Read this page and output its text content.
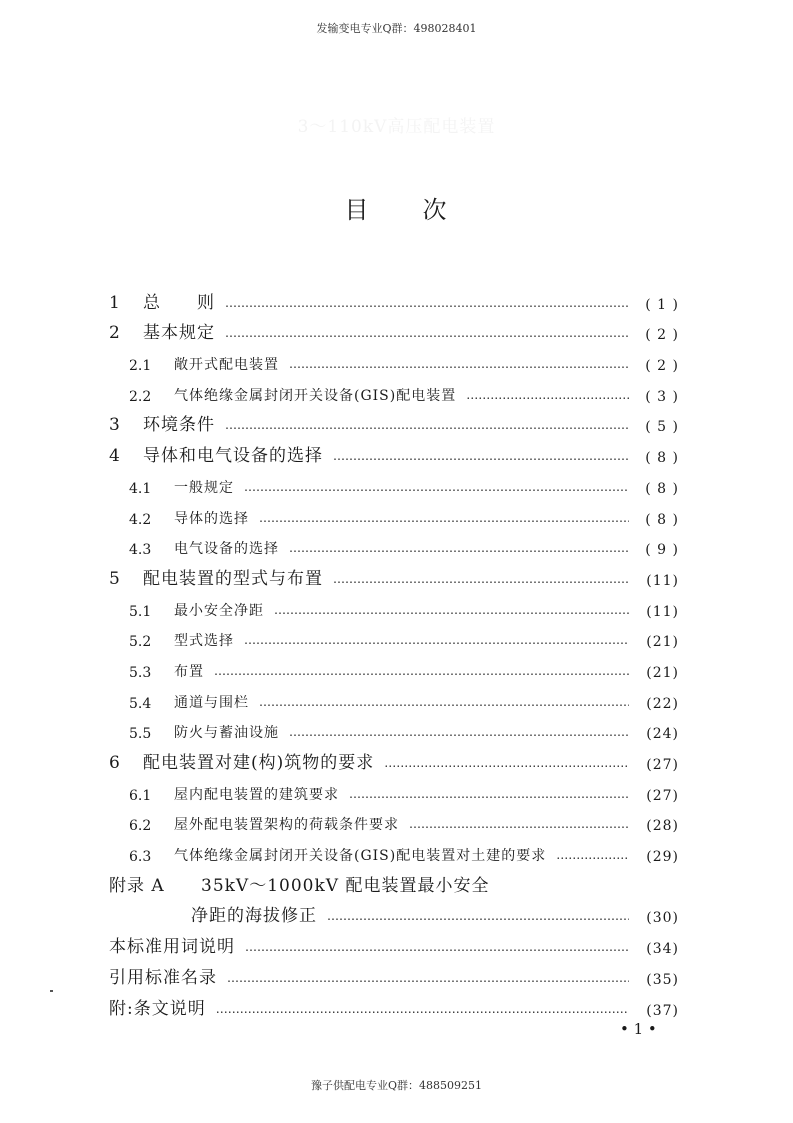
发输变电专业Q群：498028401
3～110kV高压配电装置
目 次
1	总　　则 ………………………………………………………………………………………………………………………………………………………………	( 1 )
2	基本规定 ………………………………………………………………………………………………………………………………………………………………	( 2 )
2.1	敞开式配电装置 ………………………………………………………………………………………………………………………………………………………………	( 2 )
2.2	气体绝缘金属封闭开关设备(GIS)配电装置 ………………………………………………………………………………………………………………………………………………………………	( 3 )
3	环境条件 ………………………………………………………………………………………………………………………………………………………………	( 5 )
4	导体和电气设备的选择 ………………………………………………………………………………………………………………………………………………………………	( 8 )
4.1	一般规定 ………………………………………………………………………………………………………………………………………………………………	( 8 )
4.2	导体的选择 ………………………………………………………………………………………………………………………………………………………………	( 8 )
4.3	电气设备的选择 ………………………………………………………………………………………………………………………………………………………………	( 9 )
5	配电装置的型式与布置 ………………………………………………………………………………………………………………………………………………………………	(11)
5.1	最小安全净距 ………………………………………………………………………………………………………………………………………………………………	(11)
5.2	型式选择 ………………………………………………………………………………………………………………………………………………………………	(21)
5.3	布置 ………………………………………………………………………………………………………………………………………………………………	(21)
5.4	通道与围栏 ………………………………………………………………………………………………………………………………………………………………	(22)
5.5	防火与蓄油设施 ………………………………………………………………………………………………………………………………………………………………	(24)
6	配电装置对建(构)筑物的要求 ………………………………………………………………………………………………………………………………………………………………	(27)
6.1	屋内配电装置的建筑要求 ………………………………………………………………………………………………………………………………………………………………	(27)
6.2	屋外配电装置架构的荷载条件要求 ………………………………………………………………………………………………………………………………………………………………	(28)
6.3	气体绝缘金属封闭开关设备(GIS)配电装置对土建的要求 ………………………………………………………………………………………………………………………………………………………………	(29)
附录 A	35kV～1000kV 配电装置最小安全
净距的海拔修正 ………………………………………………………………………………………………………………………………………………………………	(30)
本标准用词说明 ………………………………………………………………………………………………………………………………………………………………	(34)
引用标准名录 ………………………………………………………………………………………………………………………………………………………………	(35)
附:条文说明 ………………………………………………………………………………………………………………………………………………………………	(37)
• 1 •
豫子供配电专业Q群：488509251
